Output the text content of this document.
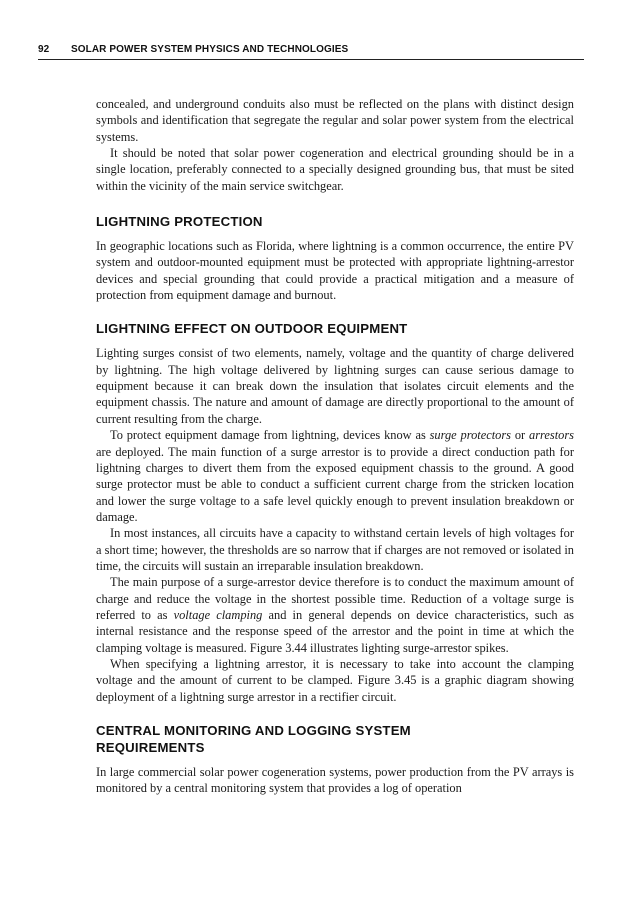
92 SOLAR POWER SYSTEM PHYSICS AND TECHNOLOGIES

concealed, and underground conduits also must be reflected on the plans with distinct design symbols and identification that segregate the regular and solar power system from the electrical systems.

It should be noted that solar power cogeneration and electrical grounding should be in a single location, preferably connected to a specially designed grounding bus, that must be sited within the vicinity of the main service switchgear.

LIGHTNING PROTECTION

In geographic locations such as Florida, where lightning is a common occurrence, the entire PV system and outdoor-mounted equipment must be protected with appropriate lightning-arrestor devices and special grounding that could provide a practical mitigation and a measure of protection from equipment damage and burnout.

LIGHTNING EFFECT ON OUTDOOR EQUIPMENT

Lighting surges consist of two elements, namely, voltage and the quantity of charge delivered by lightning. The high voltage delivered by lightning surges can cause serious damage to equipment because it can break down the insulation that isolates circuit elements and the equipment chassis. The nature and amount of damage are directly proportional to the amount of current resulting from the charge.

To protect equipment damage from lightning, devices know as surge protectors or arrestors are deployed. The main function of a surge arrestor is to provide a direct conduction path for lightning charges to divert them from the exposed equipment chassis to the ground. A good surge protector must be able to conduct a sufficient current charge from the stricken location and lower the surge voltage to a safe level quickly enough to prevent insulation breakdown or damage.

In most instances, all circuits have a capacity to withstand certain levels of high voltages for a short time; however, the thresholds are so narrow that if charges are not removed or isolated in time, the circuits will sustain an irreparable insulation breakdown.

The main purpose of a surge-arrestor device therefore is to conduct the maximum amount of charge and reduce the voltage in the shortest possible time. Reduction of a voltage surge is referred to as voltage clamping and in general depends on device characteristics, such as internal resistance and the response speed of the arrestor and the point in time at which the clamping voltage is measured. Figure 3.44 illustrates lighting surge-arrestor spikes.

When specifying a lightning arrestor, it is necessary to take into account the clamping voltage and the amount of current to be clamped. Figure 3.45 is a graphic diagram showing deployment of a lightning surge arrestor in a rectifier circuit.

CENTRAL MONITORING AND LOGGING SYSTEM
REQUIREMENTS

In large commercial solar power cogeneration systems, power production from the PV arrays is monitored by a central monitoring system that provides a log of operation
